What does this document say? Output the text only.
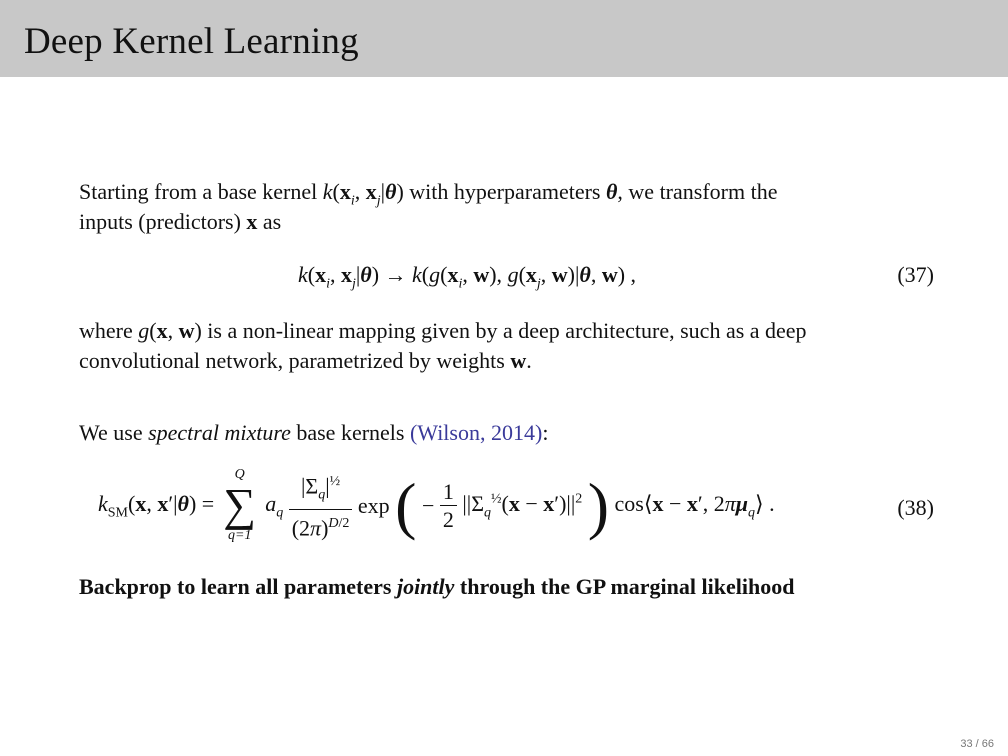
Deep Kernel Learning
Starting from a base kernel $k(x_i$, $x_j|\theta$) with hyperparameters θ, we transform the
inputs (predictors) x as
$k(x_i$, $x_j|\theta) \to k(g(x_i$, w), $g(x_j$, w)|θ, w) ,	(37)
where g(x, w) is a non-linear mapping given by a deep architecture, such as a deep
convolutional network, parametrized by weights w.
We use spectral mixture base kernels (Wilson, 2014):
$k_{SM}(x$, x′|θ) =
Q
∑
q=1
$a_q \frac{|\Sigma_q|^{\frac{1}{2}}}{(2\pi)^{D/2}}$ exp ( − $\frac{1}{2} ||\Sigma_q^{\frac{1}{2}}(x - x')||^2$ ) cos⟨x − x′, $2\pi\mu_q⟩$ .	(38)
Backprop to learn all parameters jointly through the GP marginal likelihood
33 / 66
